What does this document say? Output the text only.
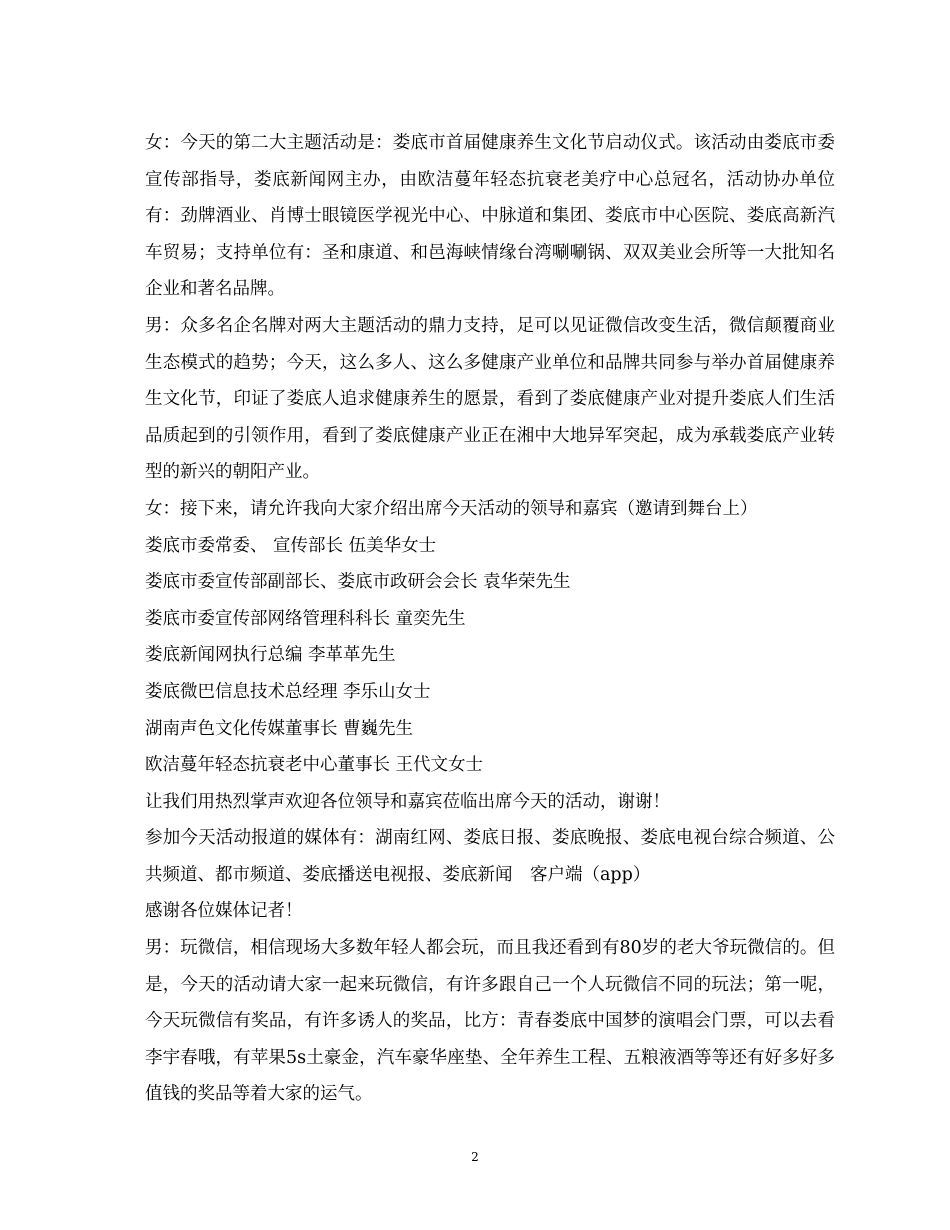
女：今天的第二大主题活动是：娄底市首届健康养生文化节启动仪式。该活动由娄底市委宣传部指导，娄底新闻网主办，由欧洁蔓年轻态抗衰老美疗中心总冠名，活动协办单位有：劲牌酒业、肖博士眼镜医学视光中心、中脉道和集团、娄底市中心医院、娄底高新汽车贸易；支持单位有：圣和康道、和邑海峡情缘台湾唰唰锅、双双美业会所等一大批知名企业和著名品牌。

男：众多名企名牌对两大主题活动的鼎力支持，足可以见证微信改变生活，微信颠覆商业生态模式的趋势；今天，这么多人、这么多健康产业单位和品牌共同参与举办首届健康养生文化节，印证了娄底人追求健康养生的愿景，看到了娄底健康产业对提升娄底人们生活品质起到的引领作用，看到了娄底健康产业正在湘中大地异军突起，成为承载娄底产业转型的新兴的朝阳产业。

女：接下来，请允许我向大家介绍出席今天活动的领导和嘉宾（邀请到舞台上）

娄底市委常委、 宣传部长 伍美华女士

娄底市委宣传部副部长、娄底市政研会会长 袁华荣先生

娄底市委宣传部网络管理科科长 童奕先生

娄底新闻网执行总编 李革革先生

娄底微巴信息技术总经理 李乐山女士

湖南声色文化传媒董事长 曹巍先生

欧洁蔓年轻态抗衰老中心董事长 王代文女士

让我们用热烈掌声欢迎各位领导和嘉宾莅临出席今天的活动，谢谢！

参加今天活动报道的媒体有：湖南红网、娄底日报、娄底晚报、娄底电视台综合频道、公共频道、都市频道、娄底播送电视报、娄底新闻　客户端（app）

感谢各位媒体记者！

男：玩微信，相信现场大多数年轻人都会玩，而且我还看到有80岁的老大爷玩微信的。但是，今天的活动请大家一起来玩微信，有许多跟自己一个人玩微信不同的玩法；第一呢，今天玩微信有奖品，有许多诱人的奖品，比方：青春娄底中国梦的演唱会门票，可以去看李宇春哦，有苹果5s土豪金，汽车豪华座垫、全年养生工程、五粮液酒等等还有好多好多值钱的奖品等着大家的运气。

2
